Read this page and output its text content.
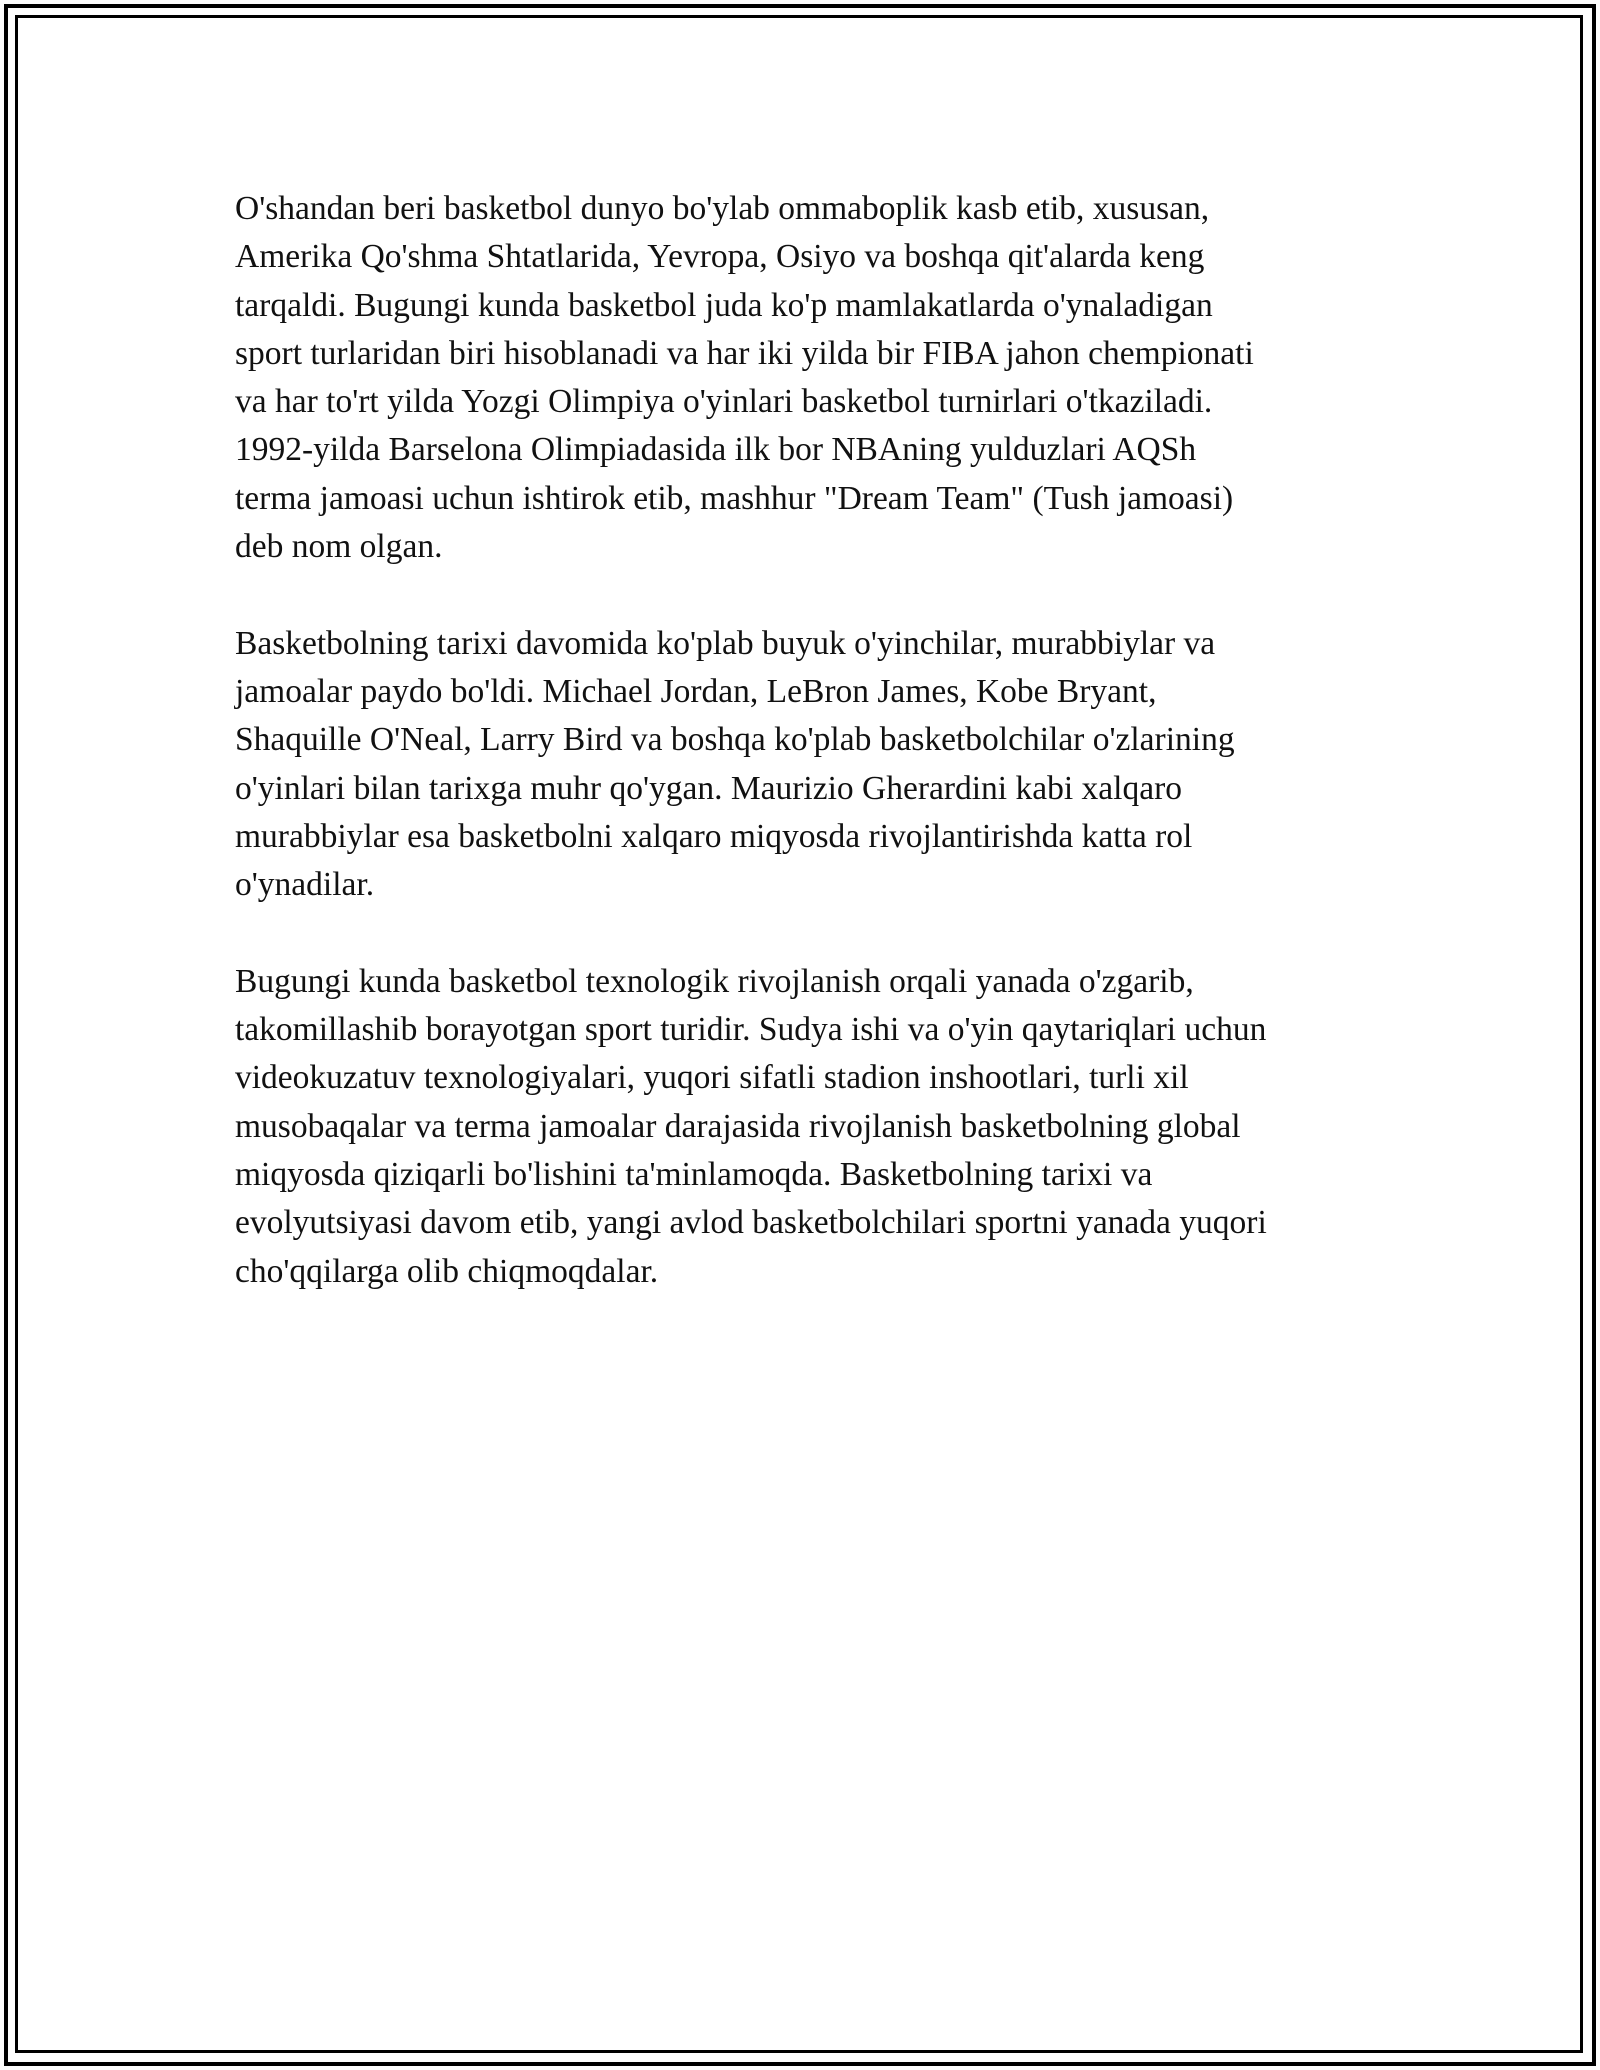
O'shandan beri basketbol dunyo bo'ylab ommaboplik kasb etib, xususan,
Amerika Qo'shma Shtatlarida, Yevropa, Osiyo va boshqa qit'alarda keng
tarqaldi. Bugungi kunda basketbol juda ko'p mamlakatlarda o'ynaladigan
sport turlaridan biri hisoblanadi va har iki yilda bir FIBA jahon chempionati
va har to'rt yilda Yozgi Olimpiya o'yinlari basketbol turnirlari o'tkaziladi.
1992-yilda Barselona Olimpiadasida ilk bor NBAning yulduzlari AQSh
terma jamoasi uchun ishtirok etib, mashhur "Dream Team" (Tush jamoasi)
deb nom olgan.

Basketbolning tarixi davomida ko'plab buyuk o'yinchilar, murabbiylar va
jamoalar paydo bo'ldi. Michael Jordan, LeBron James, Kobe Bryant,
Shaquille O'Neal, Larry Bird va boshqa ko'plab basketbolchilar o'zlarining
o'yinlari bilan tarixga muhr qo'ygan. Maurizio Gherardini kabi xalqaro
murabbiylar esa basketbolni xalqaro miqyosda rivojlantirishda katta rol
o'ynadilar.

Bugungi kunda basketbol texnologik rivojlanish orqali yanada o'zgarib,
takomillashib borayotgan sport turidir. Sudya ishi va o'yin qaytariqlari uchun
videokuzatuv texnologiyalari, yuqori sifatli stadion inshootlari, turli xil
musobaqalar va terma jamoalar darajasida rivojlanish basketbolning global
miqyosda qiziqarli bo'lishini ta'minlamoqda. Basketbolning tarixi va
evolyutsiyasi davom etib, yangi avlod basketbolchilari sportni yanada yuqori
cho'qqilarga olib chiqmoqdalar.
